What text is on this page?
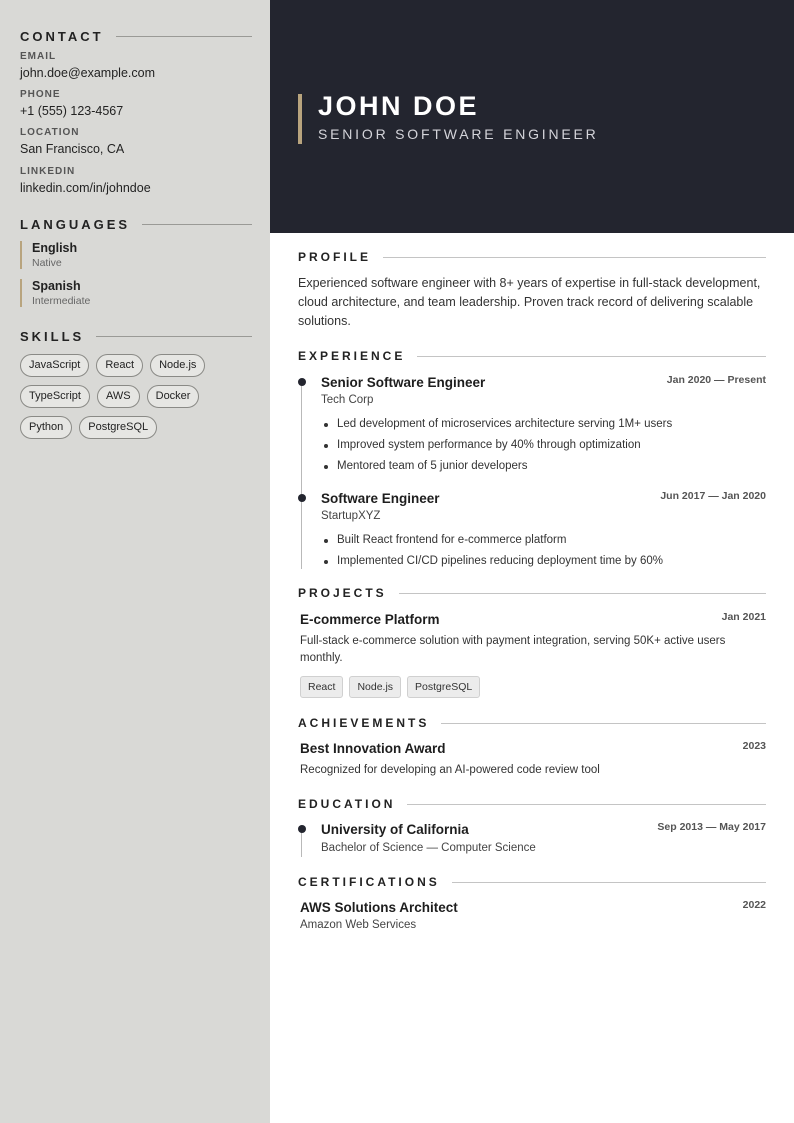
CONTACT
EMAIL
john.doe@example.com
PHONE
+1 (555) 123-4567
LOCATION
San Francisco, CA
LINKEDIN
linkedin.com/in/johndoe
LANGUAGES
English
Native
Spanish
Intermediate
SKILLS
JavaScript	React	Node.js
TypeScript	AWS	Docker
Python	PostgreSQL
JOHN DOE
SENIOR SOFTWARE ENGINEER
PROFILE
Experienced software engineer with 8+ years of expertise in full-stack development, cloud architecture, and team leadership. Proven track record of delivering scalable solutions.
EXPERIENCE
Senior Software Engineer	Jan 2020 — Present
Tech Corp
Led development of microservices architecture serving 1M+ users
Improved system performance by 40% through optimization
Mentored team of 5 junior developers
Software Engineer	Jun 2017 — Jan 2020
StartupXYZ
Built React frontend for e-commerce platform
Implemented CI/CD pipelines reducing deployment time by 60%
PROJECTS
E-commerce Platform	Jan 2021
Full-stack e-commerce solution with payment integration, serving 50K+ active users monthly.
React Node.js PostgreSQL
ACHIEVEMENTS
Best Innovation Award	2023
Recognized for developing an AI-powered code review tool
EDUCATION
University of California	Sep 2013 — May 2017
Bachelor of Science — Computer Science
CERTIFICATIONS
AWS Solutions Architect	2022
Amazon Web Services
